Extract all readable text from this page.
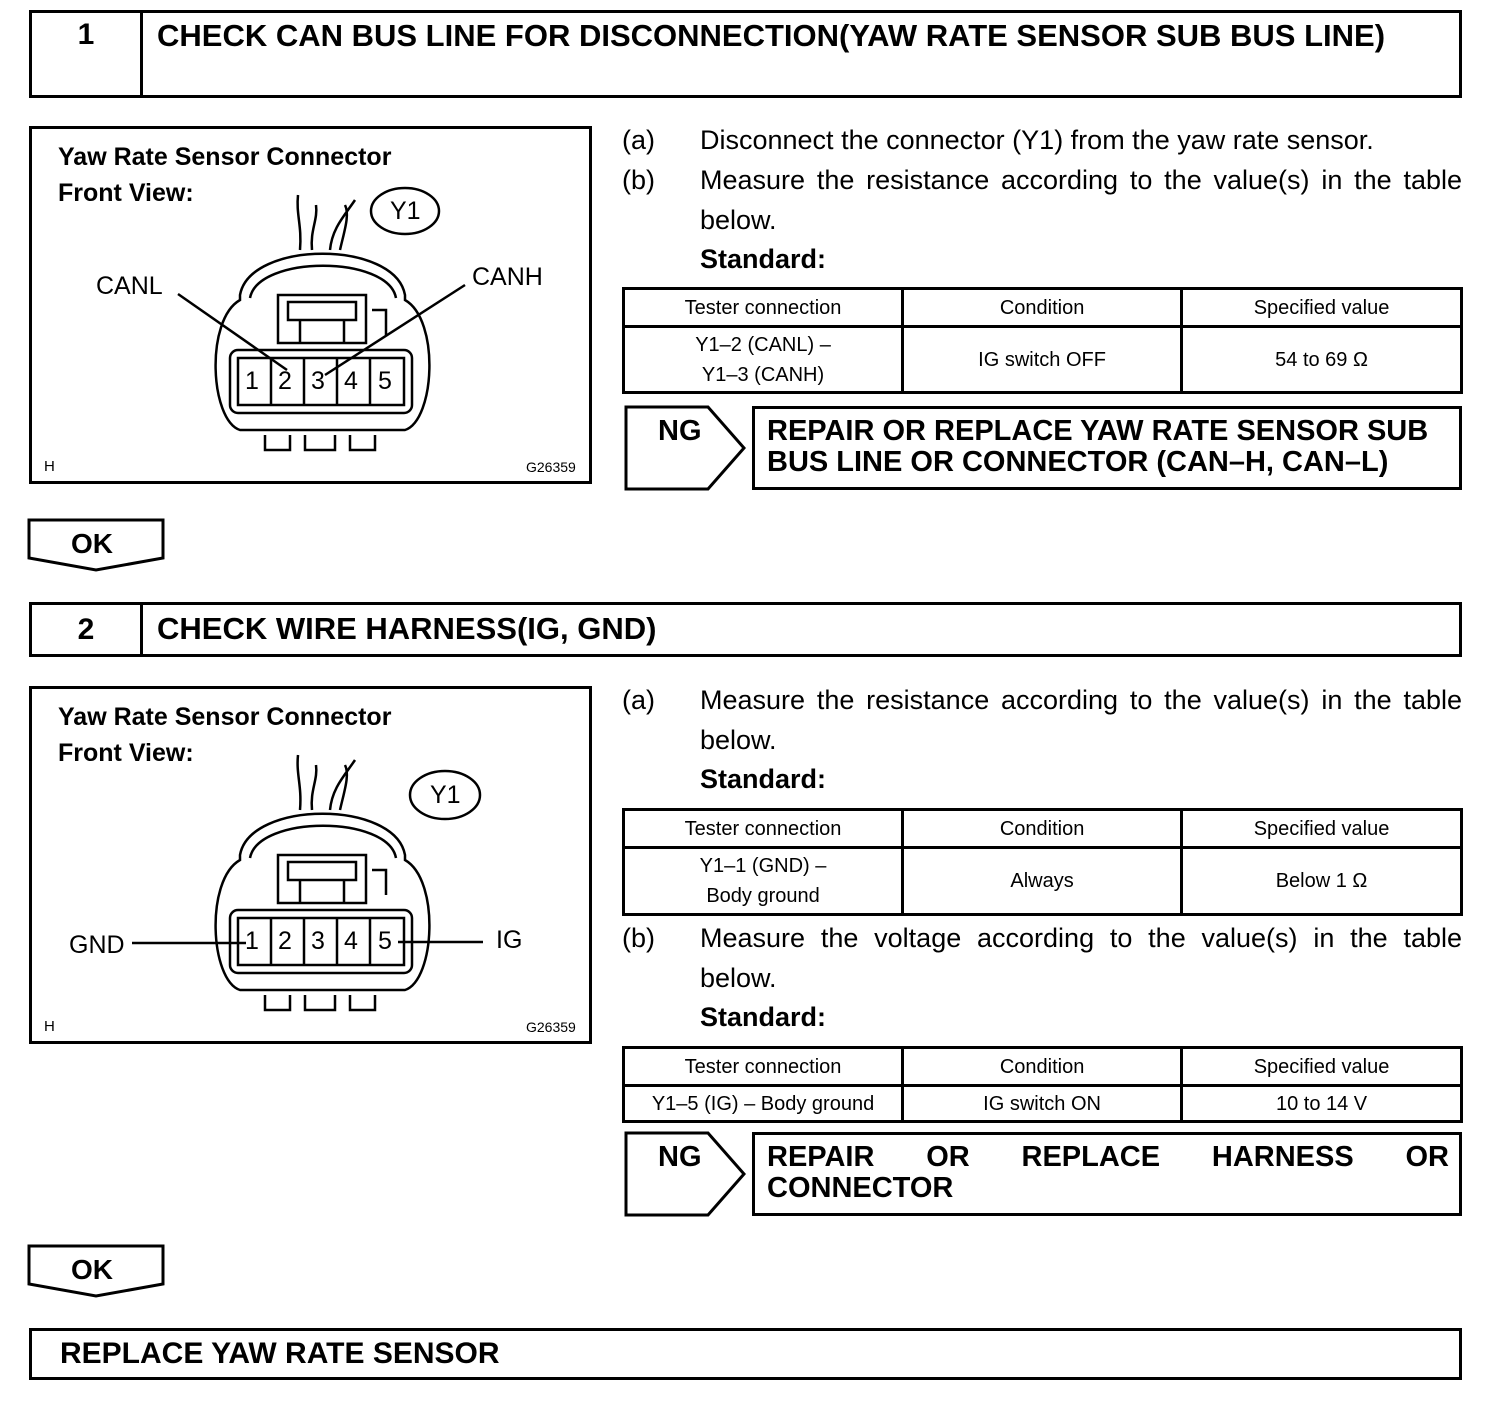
1	CHECK CAN BUS LINE FOR DISCONNECTION(YAW RATE SENSOR SUB BUS LINE)
Yaw Rate Sensor Connector
Front View:
H	G26359
Y1
CANL	CANH
1 2 3 4 5
(a) Disconnect the connector (Y1) from the yaw rate sensor.
(b) Measure the resistance according to the value(s) in the table below.
Standard:
Tester connection	Condition	Specified value

Y1–2 (CANL) –
Y1–3 (CANH)	IG switch OFF	54 to 69 Ω
NG REPAIR OR REPLACE YAW RATE SENSOR SUB
BUS LINE OR CONNECTOR (CAN–H, CAN–L)
OK
2	CHECK WIRE HARNESS(IG, GND)
Yaw Rate Sensor Connector
Front View:
H	G26359
Y1
GND	IG
1 2 3 4 5
(a) Measure the resistance according to the value(s) in the table below.
Standard:
Tester connection	Condition	Specified value

Y1–1 (GND) –
Body ground	Always	Below 1 Ω
(b) Measure the voltage according to the value(s) in the table below.
Standard:
Tester connection	Condition	Specified value
Y1–5 (IG) – Body ground	IG switch ON	10 to 14 V
NG REPAIR OR REPLACE HARNESS OR
CONNECTOR
OK
REPLACE YAW RATE SENSOR
